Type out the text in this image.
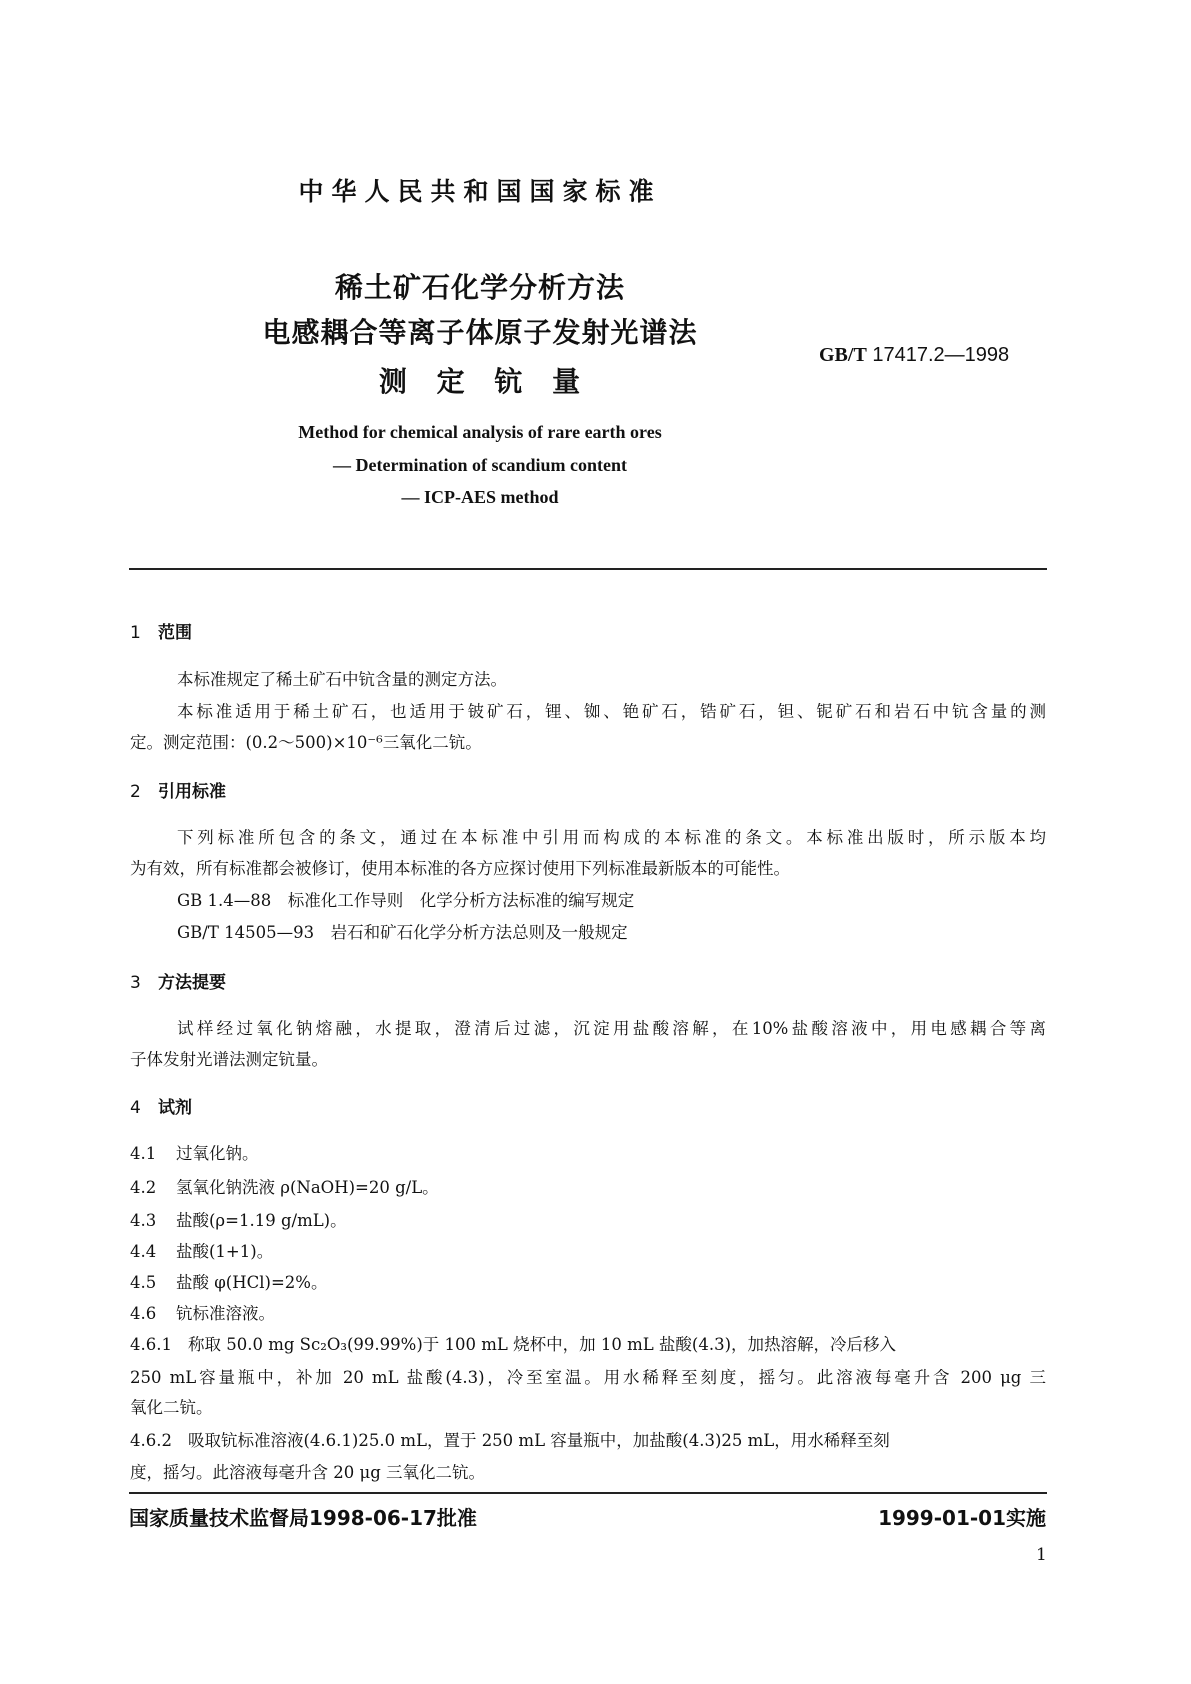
中华人民共和国国家标准
稀土矿石化学分析方法
电感耦合等离子体原子发射光谱法
测 定 钪 量
GB/T 17417.2—1998
Method for chemical analysis of rare earth ores
— Determination of scandium content
— ICP-AES method
1 范围
本标准规定了稀土矿石中钪含量的测定方法。
本标准适用于稀土矿石，也适用于铍矿石，锂、铷、铯矿石，锆矿石，钽、铌矿石和岩石中钪含量的测
定。测定范围：(0.2～500)×10⁻⁶三氧化二钪。
2 引用标准
下列标准所包含的条文，通过在本标准中引用而构成的本标准的条文。本标准出版时，所示版本均
为有效，所有标准都会被修订，使用本标准的各方应探讨使用下列标准最新版本的可能性。
GB 1.4—88　 标准化工作导则　化学分析方法标准的编写规定
GB/T 14505—93　 岩石和矿石化学分析方法总则及一般规定
3 方法提要
试样经过氧化钠熔融，水提取，澄清后过滤，沉淀用盐酸溶解，在10%盐酸溶液中，用电感耦合等离
子体发射光谱法测定钪量。
4 试剂
4.1 过氧化钠。
4.2 氢氧化钠洗液 ρ(NaOH)=20 g/L。
4.3 盐酸(ρ=1.19 g/mL)。
4.4 盐酸(1+1)。
4.5 盐酸 φ(HCl)=2%。
4.6 钪标准溶液。
4.6.1 称取 50.0 mg Sc₂O₃(99.99%)于 100 mL 烧杯中，加 10 mL 盐酸(4.3)，加热溶解，冷后移入
250 mL容量瓶中，补加 20 mL 盐酸(4.3)，冷至室温。用水稀释至刻度，摇匀。此溶液每毫升含 200 μg 三
氧化二钪。
4.6.2 吸取钪标准溶液(4.6.1)25.0 mL，置于 250 mL 容量瓶中，加盐酸(4.3)25 mL，用水稀释至刻
度，摇匀。此溶液每毫升含 20 μg 三氧化二钪。
国家质量技术监督局1998-06-17批准	1999-01-01实施
1
